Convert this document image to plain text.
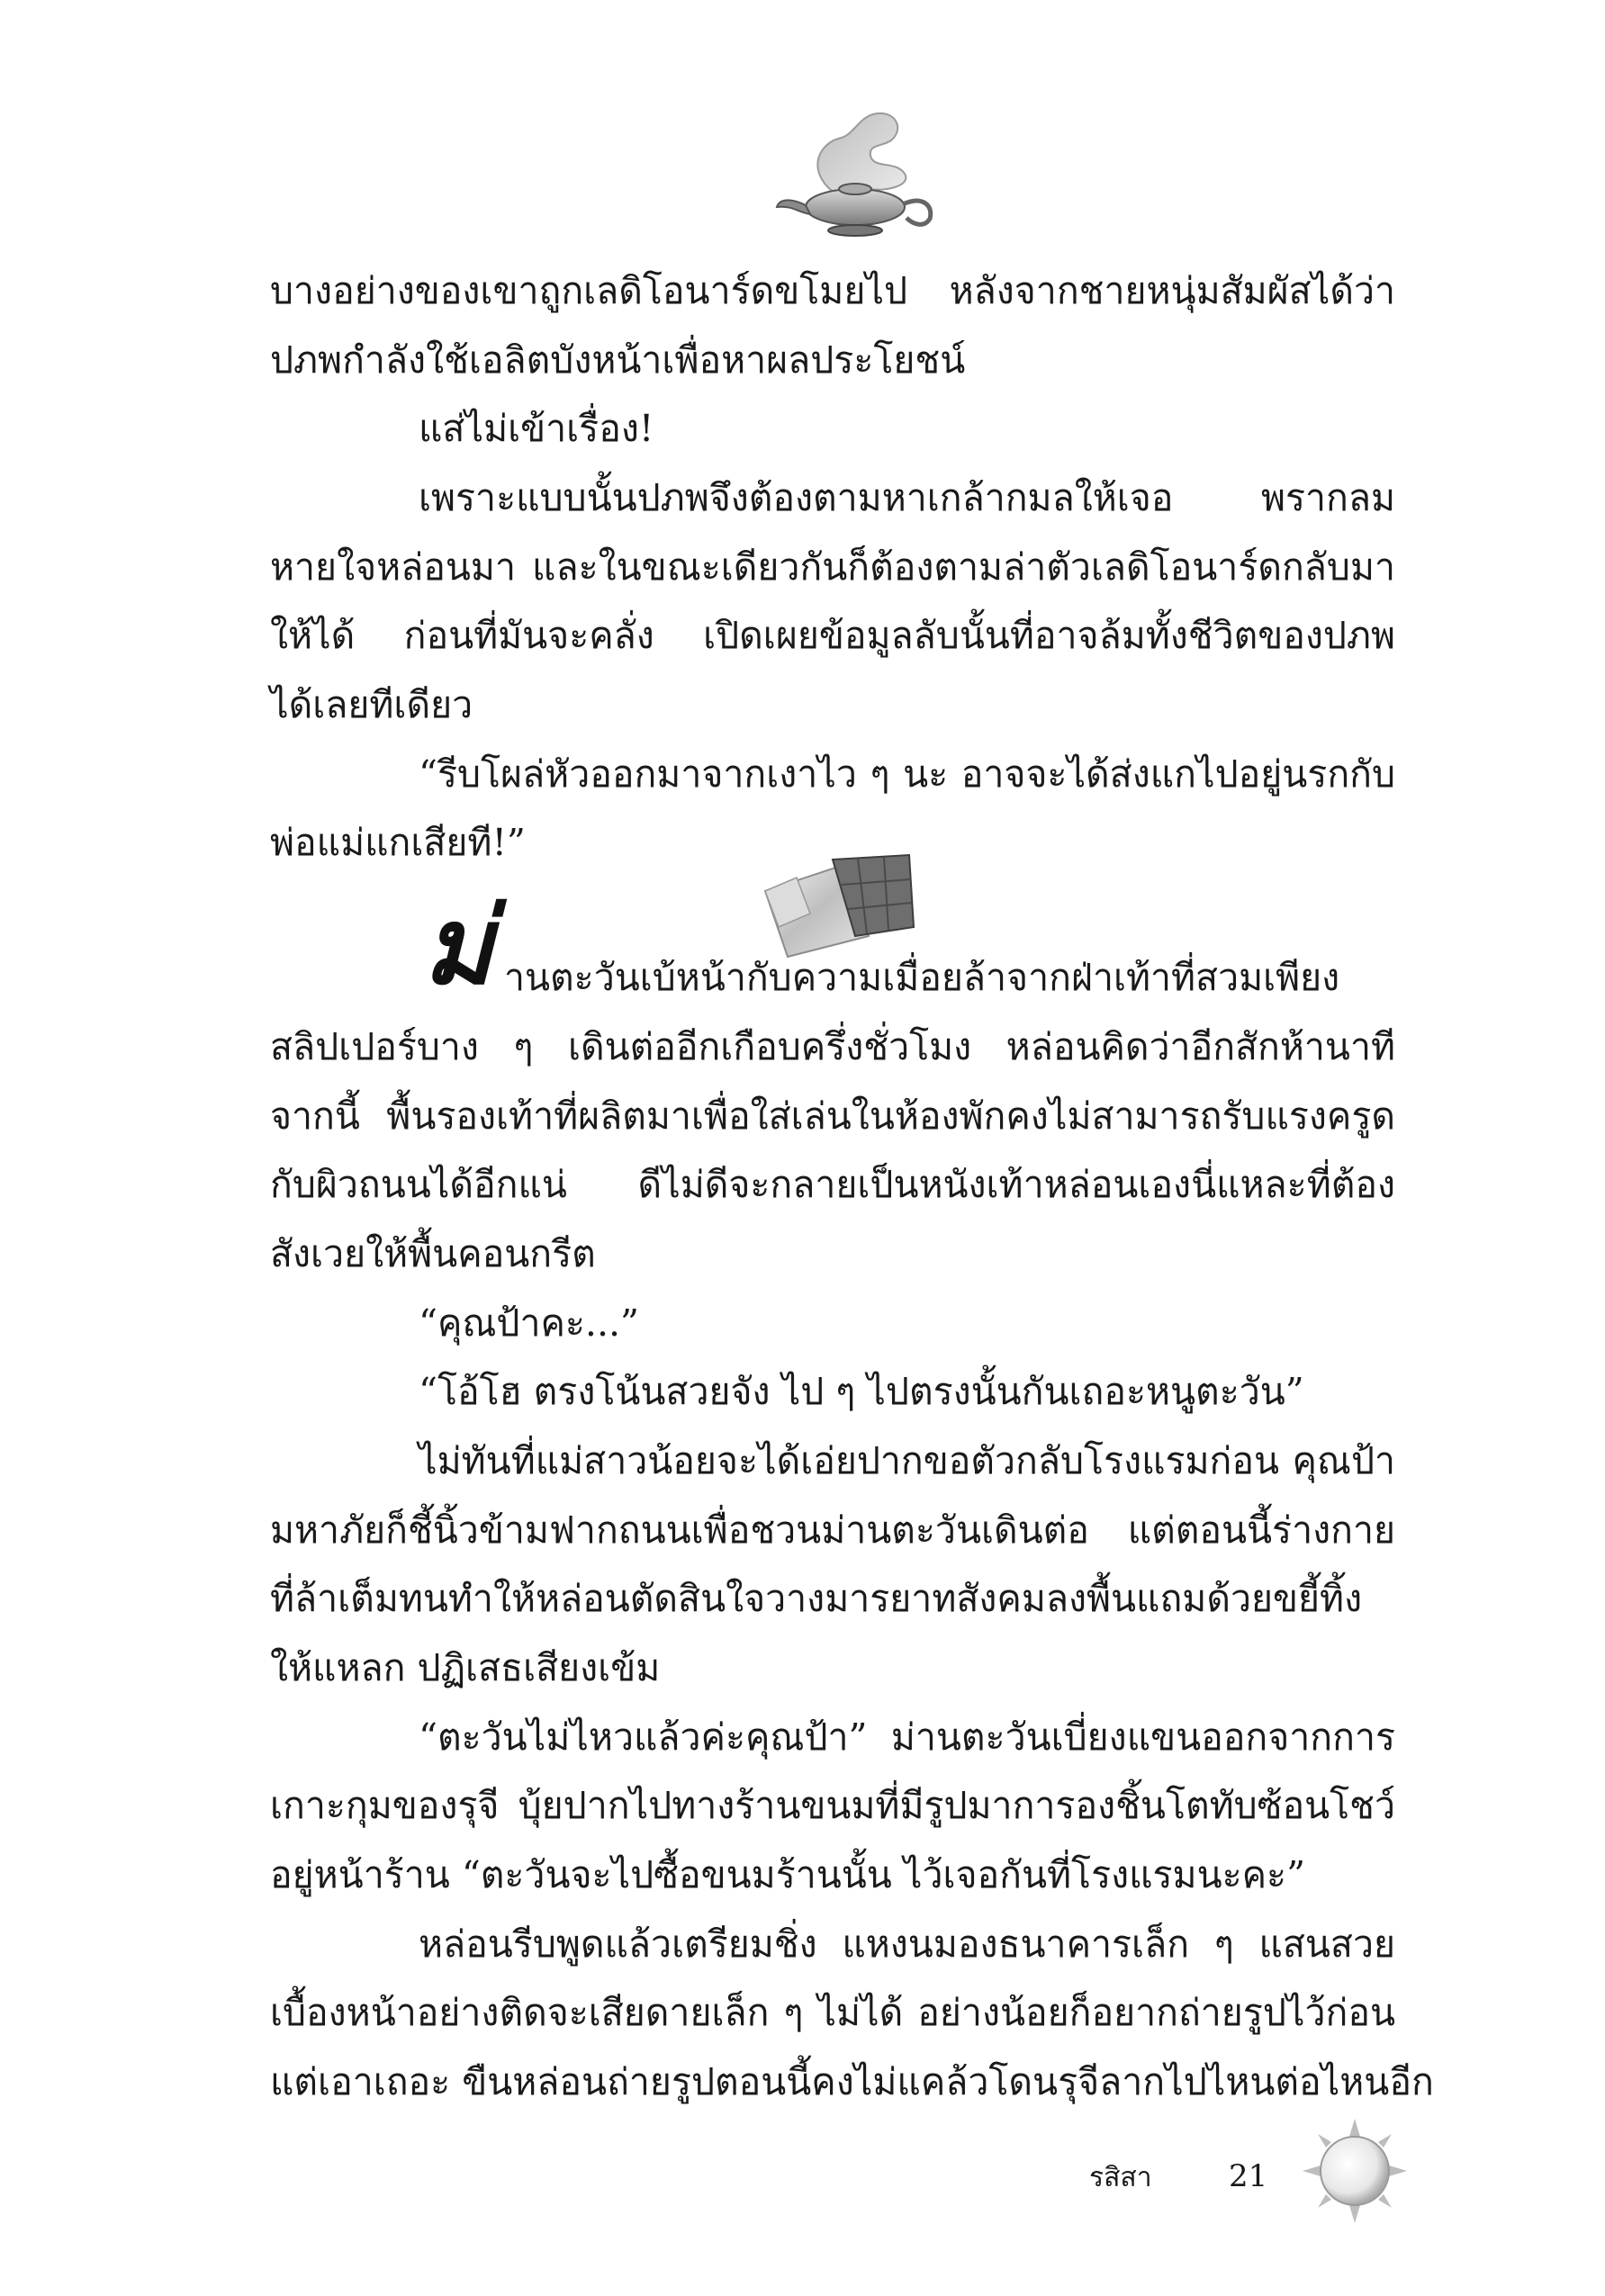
บางอย่างของเขาถูกเลดิโอนาร์ดขโมยไป หลังจากชายหนุ่มสัมผัสได้ว่า
ปภพกำลังใช้เอลิตบังหน้าเพื่อหาผลประโยชน์
แส่ไม่เข้าเรื่อง!
เพราะแบบนั้นปภพจึงต้องตามหาเกล้ากมลให้เจอ พรากลม
หายใจหล่อนมา และในขณะเดียวกันก็ต้องตามล่าตัวเลดิโอนาร์ดกลับมา
ให้ได้ ก่อนที่มันจะคลั่ง เปิดเผยข้อมูลลับนั้นที่อาจล้มทั้งชีวิตของปภพ
ได้เลยทีเดียว
“รีบโผล่หัวออกมาจากเงาไว ๆ นะ อาจจะได้ส่งแกไปอยู่นรกกับ
พ่อแม่แกเสียที!”
ม่ านตะวันเบ้หน้ากับความเมื่อยล้าจากฝ่าเท้าที่สวมเพียง
สลิปเปอร์บาง ๆ เดินต่ออีกเกือบครึ่งชั่วโมง หล่อนคิดว่าอีกสักห้านาที
จากนี้ พื้นรองเท้าที่ผลิตมาเพื่อใส่เล่นในห้องพักคงไม่สามารถรับแรงครูด
กับผิวถนนได้อีกแน่ ดีไม่ดีจะกลายเป็นหนังเท้าหล่อนเองนี่แหละที่ต้อง
สังเวยให้พื้นคอนกรีต
“คุณป้าคะ...”
“โอ้โฮ ตรงโน้นสวยจัง ไป ๆ ไปตรงนั้นกันเถอะหนูตะวัน”
ไม่ทันที่แม่สาวน้อยจะได้เอ่ยปากขอตัวกลับโรงแรมก่อน คุณป้า
มหาภัยก็ชี้นิ้วข้ามฟากถนนเพื่อชวนม่านตะวันเดินต่อ แต่ตอนนี้ร่างกาย
ที่ล้าเต็มทนทำให้หล่อนตัดสินใจวางมารยาทสังคมลงพื้นแถมด้วยขยี้ทิ้ง
ให้แหลก ปฏิเสธเสียงเข้ม
“ตะวันไม่ไหวแล้วค่ะคุณป้า” ม่านตะวันเบี่ยงแขนออกจากการ
เกาะกุมของรุจี บุ้ยปากไปทางร้านขนมที่มีรูปมาการองชิ้นโตทับซ้อนโชว์
อยู่หน้าร้าน “ตะวันจะไปซื้อขนมร้านนั้น ไว้เจอกันที่โรงแรมนะคะ”
หล่อนรีบพูดแล้วเตรียมชิ่ง แหงนมองธนาคารเล็ก ๆ แสนสวย
เบื้องหน้าอย่างติดจะเสียดายเล็ก ๆ ไม่ได้ อย่างน้อยก็อยากถ่ายรูปไว้ก่อน
แต่เอาเถอะ ขืนหล่อนถ่ายรูปตอนนี้คงไม่แคล้วโดนรุจีลากไปไหนต่อไหนอีก
รสิสา	21
